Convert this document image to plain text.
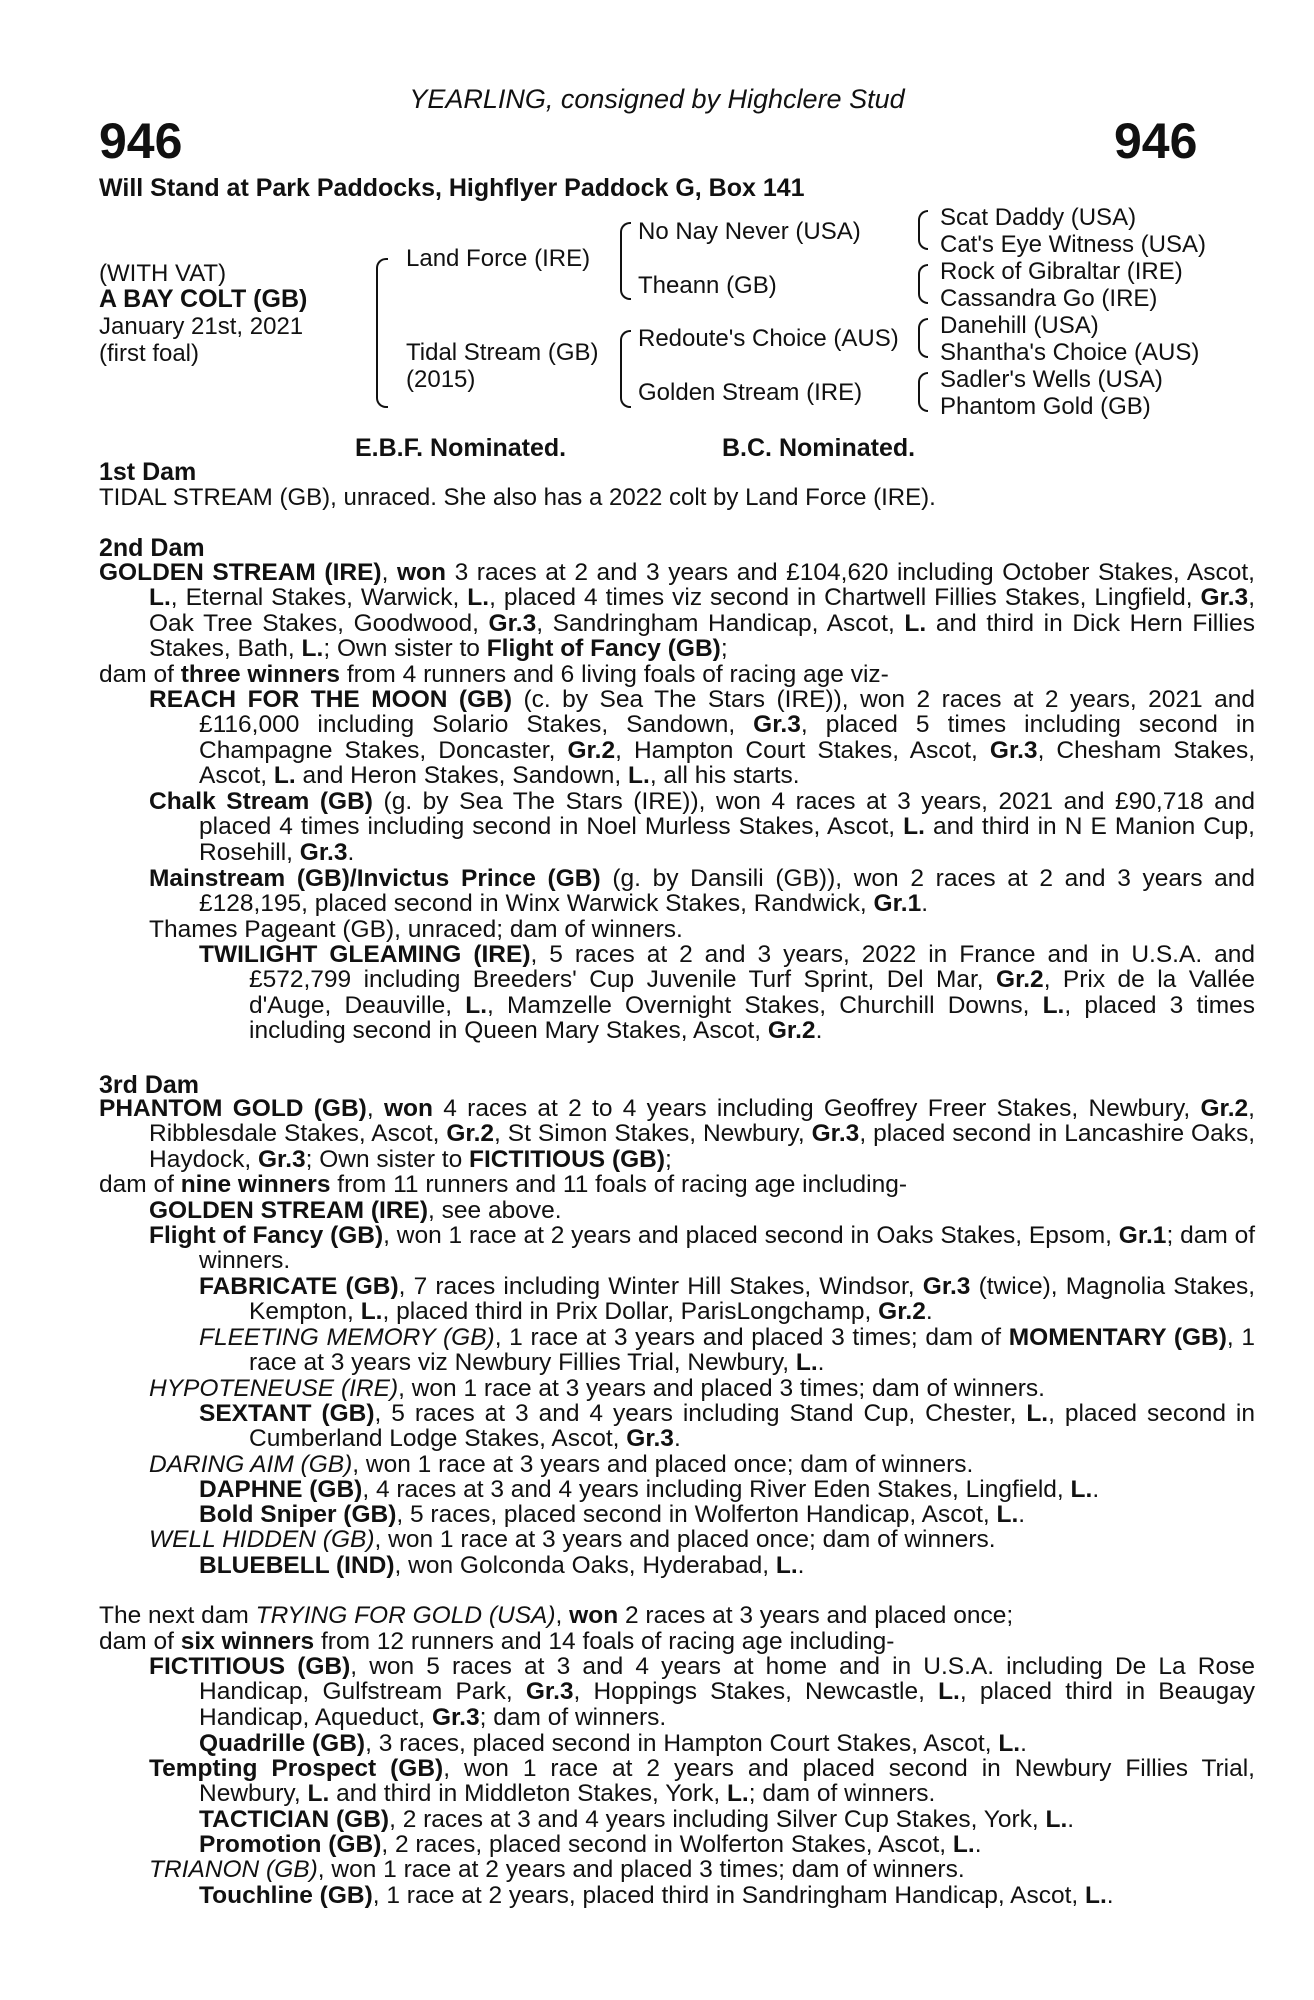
YEARLING, consigned by Highclere Stud
946	946
Will Stand at Park Paddocks, Highflyer Paddock G, Box 141
(WITH VAT)
A BAY COLT (GB)
January 21st, 2021
(first foal)
Land Force (IRE)
Tidal Stream (GB)
(2015)
No Nay Never (USA)
Theann (GB)
Redoute's Choice (AUS)
Golden Stream (IRE)
Scat Daddy (USA)
Cat's Eye Witness (USA)
Rock of Gibraltar (IRE)
Cassandra Go (IRE)
Danehill (USA)
Shantha's Choice (AUS)
Sadler's Wells (USA)
Phantom Gold (GB)
E.B.F. Nominated.	B.C. Nominated.
1st Dam
TIDAL STREAM (GB), unraced. She also has a 2022 colt by Land Force (IRE).
2nd Dam
GOLDEN STREAM (IRE), won 3 races at 2 and 3 years and £104,620 including October Stakes, Ascot, L., Eternal Stakes, Warwick, L., placed 4 times viz second in Chartwell Fillies Stakes, Lingfield, Gr.3, Oak Tree Stakes, Goodwood, Gr.3, Sandringham Handicap, Ascot, L. and third in Dick Hern Fillies Stakes, Bath, L.; Own sister to Flight of Fancy (GB);
dam of three winners from 4 runners and 6 living foals of racing age viz-
REACH FOR THE MOON (GB) (c. by Sea The Stars (IRE)), won 2 races at 2 years, 2021 and £116,000 including Solario Stakes, Sandown, Gr.3, placed 5 times including second in Champagne Stakes, Doncaster, Gr.2, Hampton Court Stakes, Ascot, Gr.3, Chesham Stakes, Ascot, L. and Heron Stakes, Sandown, L., all his starts.
Chalk Stream (GB) (g. by Sea The Stars (IRE)), won 4 races at 3 years, 2021 and £90,718 and placed 4 times including second in Noel Murless Stakes, Ascot, L. and third in N E Manion Cup, Rosehill, Gr.3.
Mainstream (GB)/Invictus Prince (GB) (g. by Dansili (GB)), won 2 races at 2 and 3 years and £128,195, placed second in Winx Warwick Stakes, Randwick, Gr.1.
Thames Pageant (GB), unraced; dam of winners.
TWILIGHT GLEAMING (IRE), 5 races at 2 and 3 years, 2022 in France and in U.S.A. and £572,799 including Breeders' Cup Juvenile Turf Sprint, Del Mar, Gr.2, Prix de la Vallée d'Auge, Deauville, L., Mamzelle Overnight Stakes, Churchill Downs, L., placed 3 times including second in Queen Mary Stakes, Ascot, Gr.2.
3rd Dam
PHANTOM GOLD (GB), won 4 races at 2 to 4 years including Geoffrey Freer Stakes, Newbury, Gr.2, Ribblesdale Stakes, Ascot, Gr.2, St Simon Stakes, Newbury, Gr.3, placed second in Lancashire Oaks, Haydock, Gr.3; Own sister to FICTITIOUS (GB);
dam of nine winners from 11 runners and 11 foals of racing age including-
GOLDEN STREAM (IRE), see above.
Flight of Fancy (GB), won 1 race at 2 years and placed second in Oaks Stakes, Epsom, Gr.1; dam of winners.
FABRICATE (GB), 7 races including Winter Hill Stakes, Windsor, Gr.3 (twice), Magnolia Stakes, Kempton, L., placed third in Prix Dollar, ParisLongchamp, Gr.2.
FLEETING MEMORY (GB), 1 race at 3 years and placed 3 times; dam of MOMENTARY (GB), 1 race at 3 years viz Newbury Fillies Trial, Newbury, L..
HYPOTENEUSE (IRE), won 1 race at 3 years and placed 3 times; dam of winners.
SEXTANT (GB), 5 races at 3 and 4 years including Stand Cup, Chester, L., placed second in Cumberland Lodge Stakes, Ascot, Gr.3.
DARING AIM (GB), won 1 race at 3 years and placed once; dam of winners.
DAPHNE (GB), 4 races at 3 and 4 years including River Eden Stakes, Lingfield, L..
Bold Sniper (GB), 5 races, placed second in Wolferton Handicap, Ascot, L..
WELL HIDDEN (GB), won 1 race at 3 years and placed once; dam of winners.
BLUEBELL (IND), won Golconda Oaks, Hyderabad, L..
The next dam TRYING FOR GOLD (USA), won 2 races at 3 years and placed once;
dam of six winners from 12 runners and 14 foals of racing age including-
FICTITIOUS (GB), won 5 races at 3 and 4 years at home and in U.S.A. including De La Rose Handicap, Gulfstream Park, Gr.3, Hoppings Stakes, Newcastle, L., placed third in Beaugay Handicap, Aqueduct, Gr.3; dam of winners.
Quadrille (GB), 3 races, placed second in Hampton Court Stakes, Ascot, L..
Tempting Prospect (GB), won 1 race at 2 years and placed second in Newbury Fillies Trial, Newbury, L. and third in Middleton Stakes, York, L.; dam of winners.
TACTICIAN (GB), 2 races at 3 and 4 years including Silver Cup Stakes, York, L..
Promotion (GB), 2 races, placed second in Wolferton Stakes, Ascot, L..
TRIANON (GB), won 1 race at 2 years and placed 3 times; dam of winners.
Touchline (GB), 1 race at 2 years, placed third in Sandringham Handicap, Ascot, L..
